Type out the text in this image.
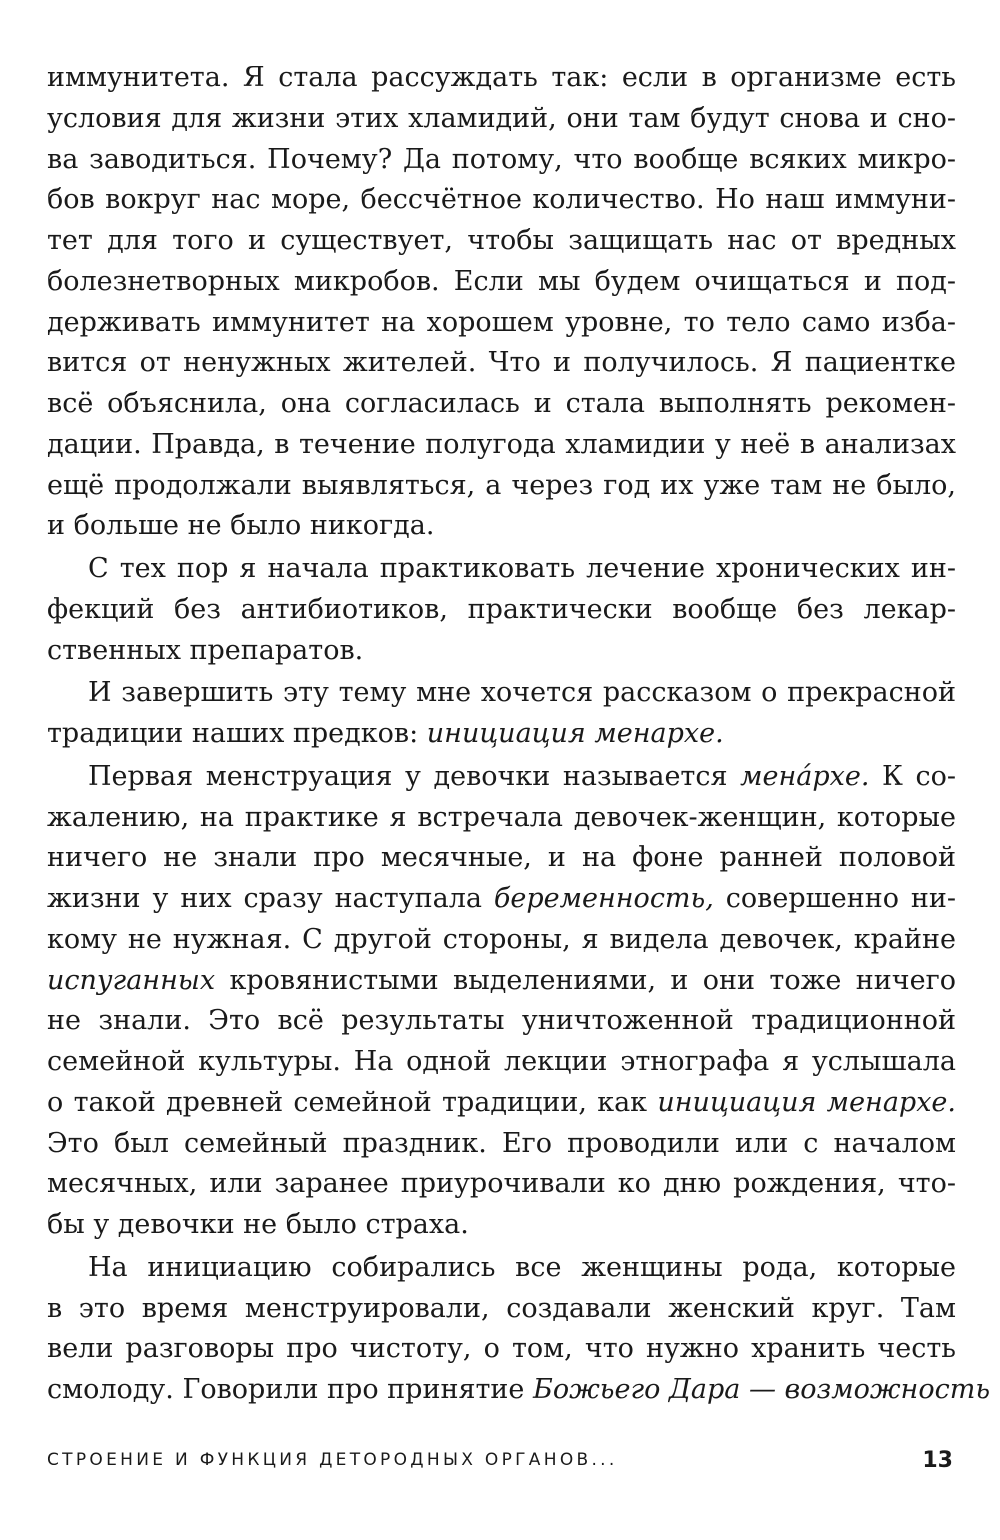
иммунитета. Я стала рассуждать так: если в организме есть
условия для жизни этих хламидий, они там будут снова и сно-
ва заводиться. Почему? Да потому, что вообще всяких микро-
бов вокруг нас море, бессчётное количество. Но наш иммуни-
тет для того и существует, чтобы защищать нас от вредных
болезнетворных микробов. Если мы будем очищаться и под-
держивать иммунитет на хорошем уровне, то тело само изба-
вится от ненужных жителей. Что и получилось. Я пациентке
всё объяснила, она согласилась и стала выполнять рекомен-
дации. Правда, в течение полугода хламидии у неё в анализах
ещё продолжали выявляться, а через год их уже там не было,
и больше не было никогда.

С тех пор я начала практиковать лечение хронических ин-
фекций без антибиотиков, практически вообще без лекар-
ственных препаратов.

И завершить эту тему мне хочется рассказом о прекрасной
традиции наших предков: инициация менархе.

Первая менструация у девочки называется менáрхе. К со-
жалению, на практике я встречала девочек-женщин, которые
ничего не знали про месячные, и на фоне ранней половой
жизни у них сразу наступала беременность, совершенно ни-
кому не нужная. С другой стороны, я видела девочек, крайне
испуганных кровянистыми выделениями, и они тоже ничего
не знали. Это всё результаты уничтоженной традиционной
семейной культуры. На одной лекции этнографа я услышала
о такой древней семейной традиции, как инициация менархе.
Это был семейный праздник. Его проводили или с началом
месячных, или заранее приурочивали ко дню рождения, что-
бы у девочки не было страха.

На инициацию собирались все женщины рода, которые
в это время менструировали, создавали женский круг. Там
вели разговоры про чистоту, о том, что нужно хранить честь
смолоду. Говорили про принятие Божьего Дара — возможность

СТРОЕНИЕ И ФУНКЦИЯ ДЕТОРОДНЫХ ОРГАНОВ...	13
